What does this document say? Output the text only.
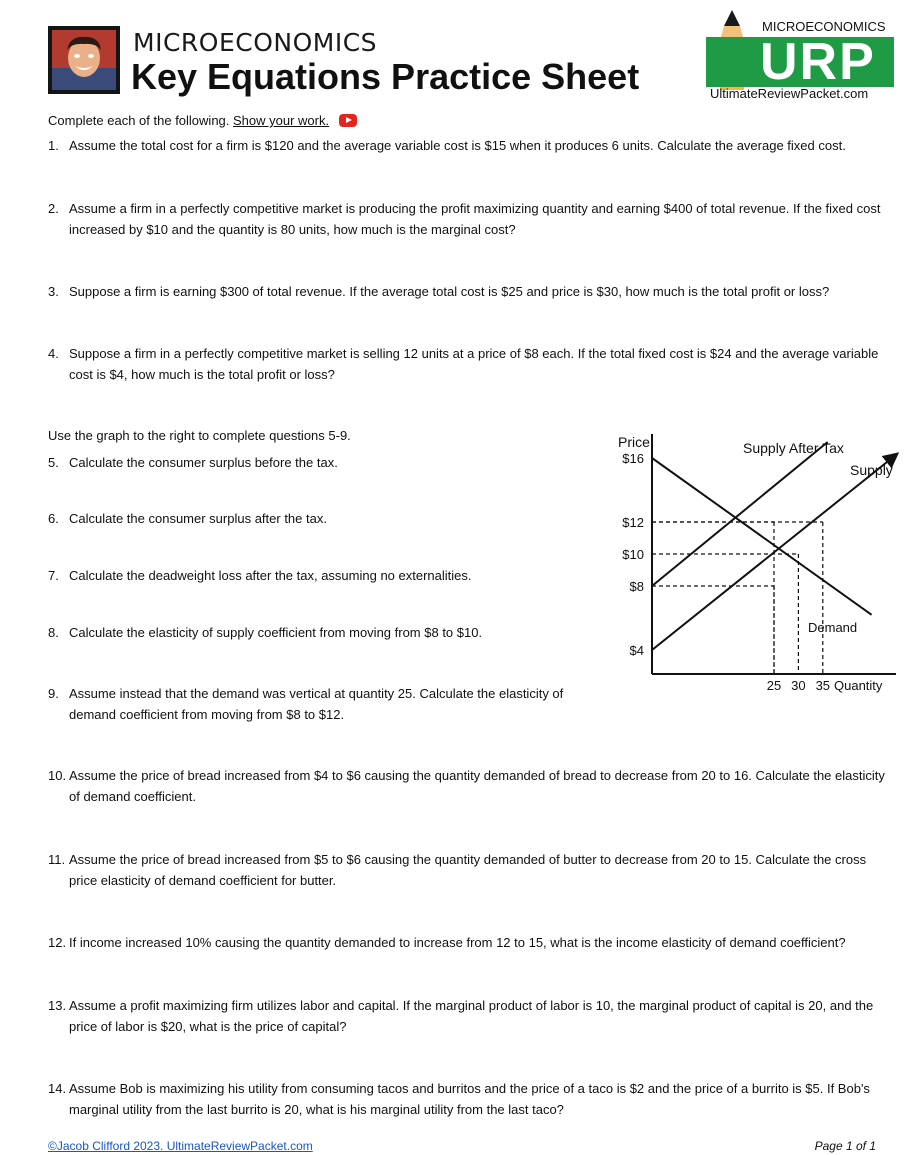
MICROECONOMICS
Key Equations Practice Sheet
MICROECONOMICS
URP
UltimateReviewPacket.com
Complete each of the following. Show your work.
1. Assume the total cost for a firm is $120 and the average variable cost is $15 when it produces 6 units. Calculate the average fixed cost.
2. Assume a firm in a perfectly competitive market is producing the profit maximizing quantity and earning $400 of total revenue. If the fixed cost increased by $10 and the quantity is 80 units, how much is the marginal cost?
3. Suppose a firm is earning $300 of total revenue. If the average total cost is $25 and price is $30, how much is the total profit or loss?
4. Suppose a firm in a perfectly competitive market is selling 12 units at a price of $8 each. If the total fixed cost is $24 and the average variable cost is $4, how much is the total profit or loss?
Use the graph to the right to complete questions 5-9.
5. Calculate the consumer surplus before the tax.
6. Calculate the consumer surplus after the tax.
7. Calculate the deadweight loss after the tax, assuming no externalities.
8. Calculate the elasticity of supply coefficient from moving from $8 to $10.
9. Assume instead that the demand was vertical at quantity 25. Calculate the elasticity of demand coefficient from moving from $8 to $12.
$16
$12
$10
$8
$4
25 30 35
Price
Quantity
Supply After Tax
Supply
Demand
10. Assume the price of bread increased from $4 to $6 causing the quantity demanded of bread to decrease from 20 to 16. Calculate the elasticity of demand coefficient.
11. Assume the price of bread increased from $5 to $6 causing the quantity demanded of butter to decrease from 20 to 15. Calculate the cross price elasticity of demand coefficient for butter.
12. If income increased 10% causing the quantity demanded to increase from 12 to 15, what is the income elasticity of demand coefficient?
13. Assume a profit maximizing firm utilizes labor and capital. If the marginal product of labor is 10, the marginal product of capital is 20, and the price of labor is $20, what is the price of capital?
14. Assume Bob is maximizing his utility from consuming tacos and burritos and the price of a taco is $2 and the price of a burrito is $5. If Bob's marginal utility from the last burrito is 20, what is his marginal utility from the last taco?
©Jacob Clifford 2023. UltimateReviewPacket.com	Page 1 of 1
